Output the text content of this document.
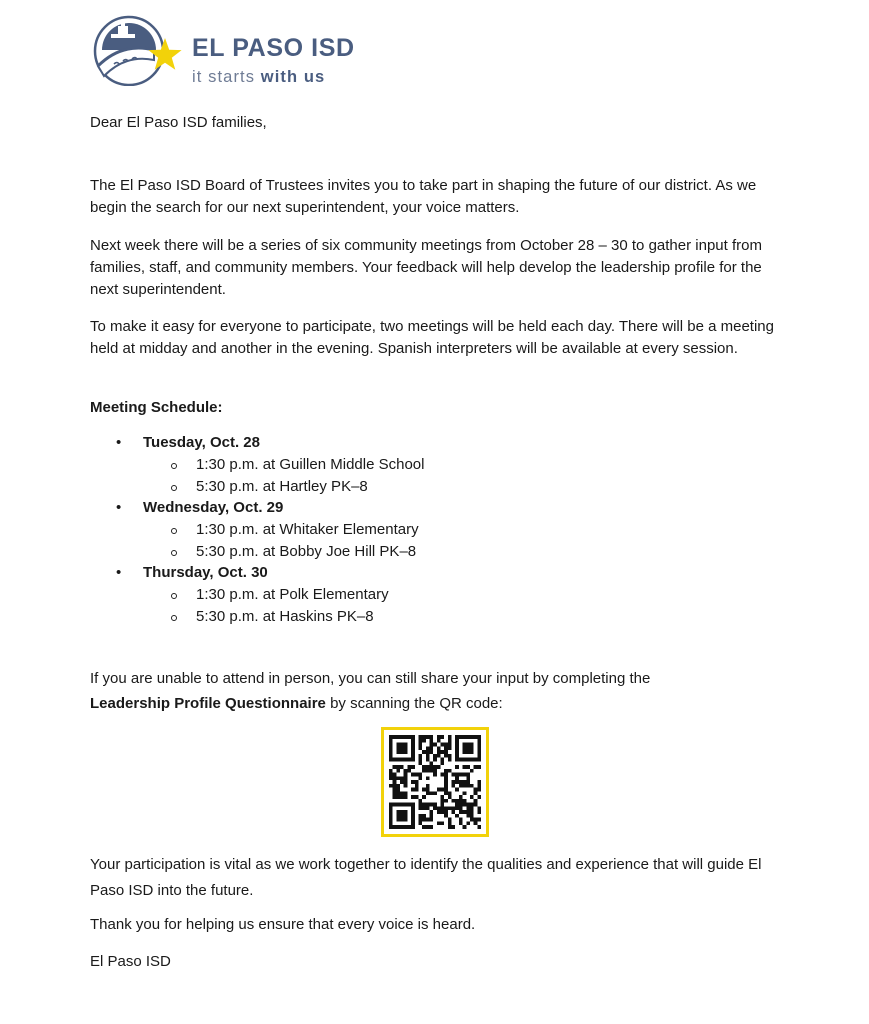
EL PASO ISD
it starts with us

Dear El Paso ISD families,

The El Paso ISD Board of Trustees invites you to take part in shaping the future of our district. As we begin the search for our next superintendent, your voice matters.

Next week there will be a series of six community meetings from October 28 – 30 to gather input from families, staff, and community members. Your feedback will help develop the leadership profile for the next superintendent.

To make it easy for everyone to participate, two meetings will be held each day. There will be a meeting held at midday and another in the evening. Spanish interpreters will be available at every session.

Meeting Schedule:

• Tuesday, Oct. 28
1:30 p.m. at Guillen Middle School
5:30 p.m. at Hartley PK–8
• Wednesday, Oct. 29
1:30 p.m. at Whitaker Elementary
5:30 p.m. at Bobby Joe Hill PK–8
• Thursday, Oct. 30
1:30 p.m. at Polk Elementary
5:30 p.m. at Haskins PK–8

If you are unable to attend in person, you can still share your input by completing the
Leadership Profile Questionnaire by scanning the QR code:

Your participation is vital as we work together to identify the qualities and experience that will guide El Paso ISD into the future.

Thank you for helping us ensure that every voice is heard.

El Paso ISD
